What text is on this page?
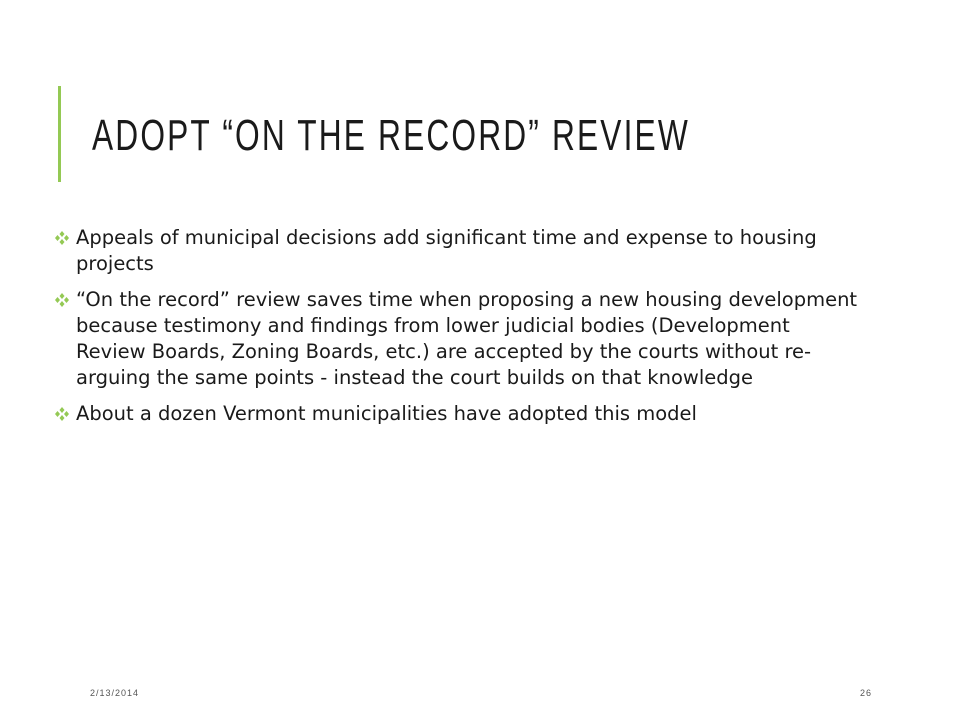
ADOPT “ON THE RECORD” REVIEW
Appeals of municipal decisions add significant time and expense to housing projects
“On the record” review saves time when proposing a new housing development because testimony and findings from lower judicial bodies (Development Review Boards, Zoning Boards, etc.) are accepted by the courts without re-arguing the same points - instead the court builds on that knowledge
About a dozen Vermont municipalities have adopted this model
2/13/2014	26
